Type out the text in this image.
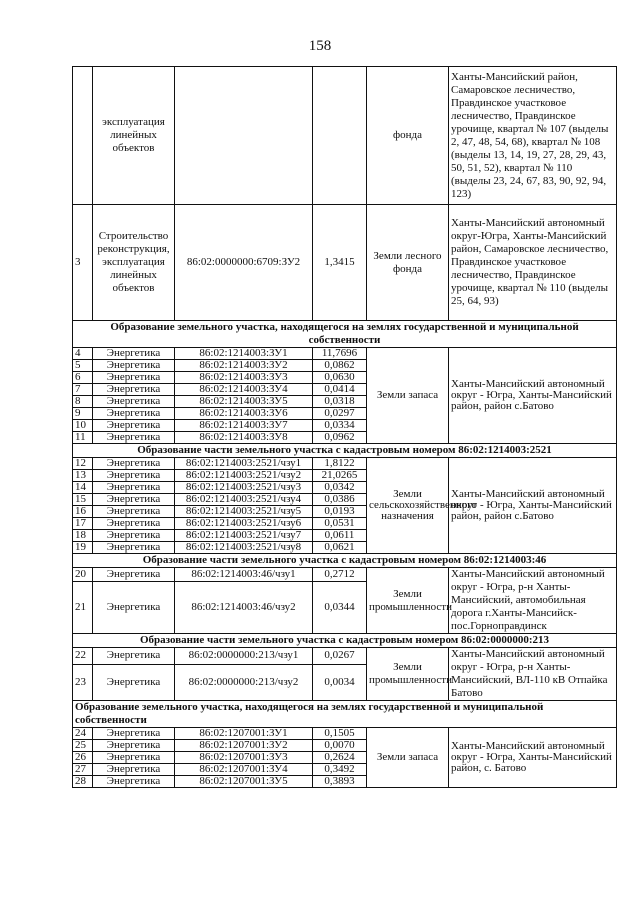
158
	эксплуатация линейных объектов			фонда	Ханты-Мансийский район, Самаровское лесничество, Правдинское участковое лесничество, Правдинское урочище, квартал № 107 (выделы 2, 47, 48, 54, 68), квартал № 108 (выделы 13, 14, 19, 27, 28, 29, 43, 50, 51, 52), квартал № 110 (выделы 23, 24, 67, 83, 90, 92, 94, 123)
3	Строительство реконструкция, эксплуатация линейных объектов	86:02:0000000:6709:ЗУ2	1,3415	Земли лесного фонда	Ханты-Мансийский автономный округ-Югра, Ханты-Мансийский район, Самаровское лесничество, Правдинское участковое лесничество, Правдинское урочище, квартал № 110 (выделы 25, 64, 93)
Образование земельного участка, находящегося на землях государственной и муниципальной собственности					
4	Энергетика	86:02:1214003:ЗУ1	11,7696	Земли запаса	Ханты-Мансийский автономный округ - Югра, Ханты-Мансийский район, район с.Батово
5	Энергетика	86:02:1214003:ЗУ2	0,0862		
6	Энергетика	86:02:1214003:ЗУ3	0,0630		
7	Энергетика	86:02:1214003:ЗУ4	0,0414		
8	Энергетика	86:02:1214003:ЗУ5	0,0318		
9	Энергетика	86:02:1214003:ЗУ6	0,0297		
10	Энергетика	86:02:1214003:ЗУ7	0,0334		
11	Энергетика	86:02:1214003:ЗУ8	0,0962		
Образование части земельного участка с кадастровым номером 86:02:1214003:2521					
12	Энергетика	86:02:1214003:2521/чзу1	1,8122	Земли сельскохозяйственного назначения	Ханты-Мансийский автономный округ - Югра, Ханты-Мансийский район, район с.Батово
13	Энергетика	86:02:1214003:2521/чзу2	21,0265		
14	Энергетика	86:02:1214003:2521/чзу3	0,0342		
15	Энергетика	86:02:1214003:2521/чзу4	0,0386		
16	Энергетика	86:02:1214003:2521/чзу5	0,0193		
17	Энергетика	86:02:1214003:2521/чзу6	0,0531		
18	Энергетика	86:02:1214003:2521/чзу7	0,0611		
19	Энергетика	86:02:1214003:2521/чзу8	0,0621		
Образование части земельного участка с кадастровым номером 86:02:1214003:46					
20	Энергетика	86:02:1214003:46/чзу1	0,2712	Земли промышленности	Ханты-Мансийский автономный округ - Югра, р-н Ханты-Мансийский, автомобильная дорога г.Ханты-Мансийск-пос.Горноправдинск
21	Энергетика	86:02:1214003:46/чзу2	0,0344		
Образование части земельного участка с кадастровым номером 86:02:0000000:213					
22	Энергетика	86:02:0000000:213/чзу1	0,0267	Земли промышленности	Ханты-Мансийский автономный округ - Югра, р-н Ханты-Мансийский, ВЛ-110 кВ Отпайка Батово
23	Энергетика	86:02:0000000:213/чзу2	0,0034		
Образование земельного участка, находящегося на землях государственной и муниципальной собственности					
24	Энергетика	86:02:1207001:ЗУ1	0,1505	Земли запаса	Ханты-Мансийский автономный округ - Югра, Ханты-Мансийский район, с. Батово
25	Энергетика	86:02:1207001:ЗУ2	0,0070		
26	Энергетика	86:02:1207001:ЗУ3	0,2624		
27	Энергетика	86:02:1207001:ЗУ4	0,3492		
28	Энергетика	86:02:1207001:ЗУ5	0,3893		
